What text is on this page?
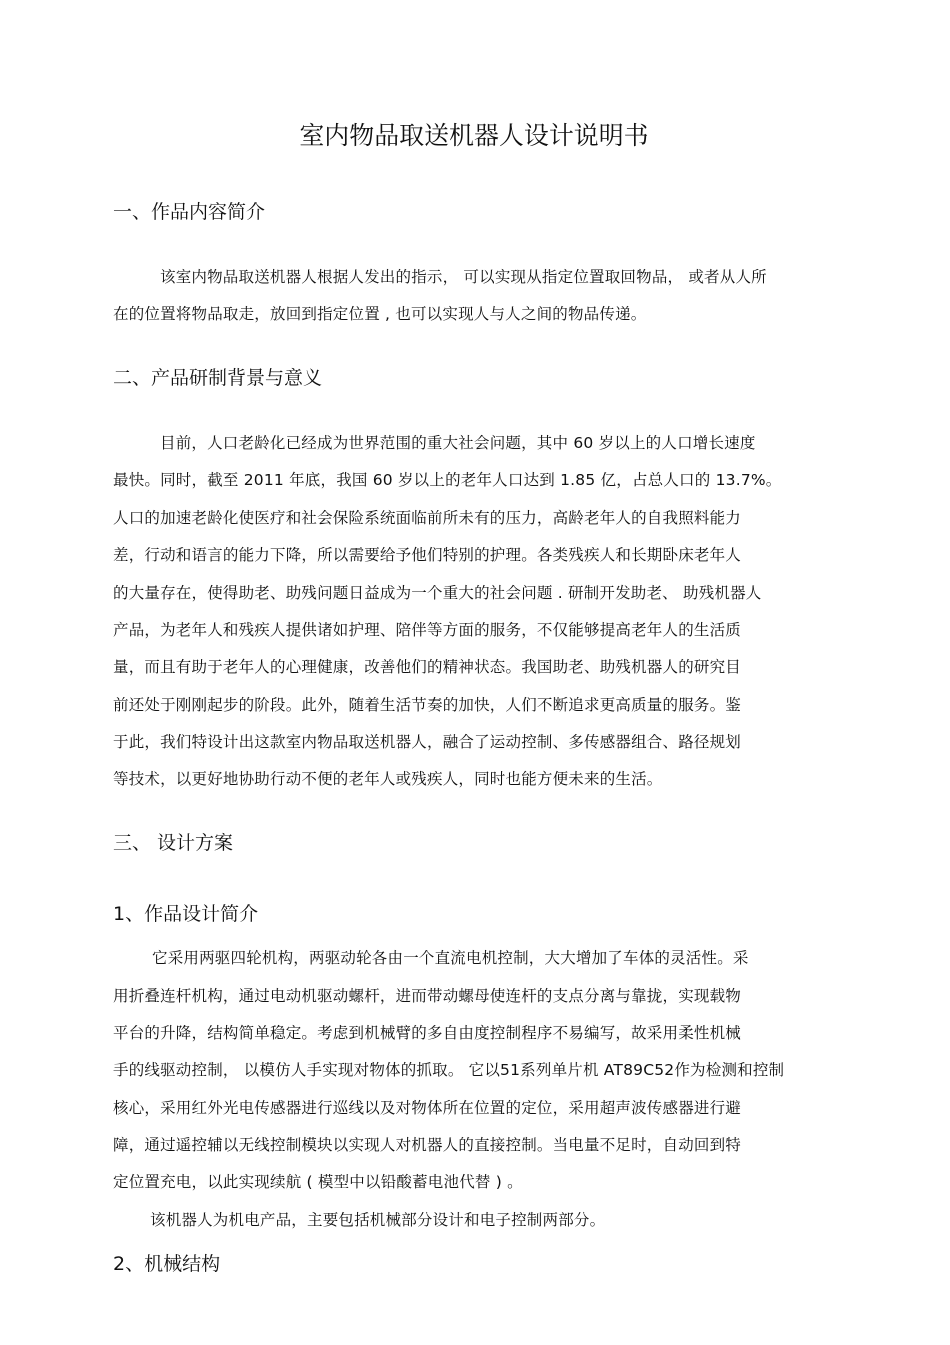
室内物品取送机器人设计说明书
一、作品内容简介
该室内物品取送机器人根据人发出的指示， 可以实现从指定位置取回物品， 或者从人所
在的位置将物品取走，放回到指定位置 , 也可以实现人与人之间的物品传递。
二、产品研制背景与意义
目前，人口老龄化已经成为世界范围的重大社会问题，其中 60 岁以上的人口增长速度
最快。同时，截至 2011 年底，我国 60 岁以上的老年人口达到 1.85 亿，占总人口的 13.7%。
人口的加速老龄化使医疗和社会保险系统面临前所未有的压力，高龄老年人的自我照料能力
差，行动和语言的能力下降，所以需要给予他们特别的护理。各类残疾人和长期卧床老年人
的大量存在，使得助老、助残问题日益成为一个重大的社会问题 . 研制开发助老、 助残机器人
产品，为老年人和残疾人提供诸如护理、陪伴等方面的服务，不仅能够提高老年人的生活质
量，而且有助于老年人的心理健康，改善他们的精神状态。我国助老、助残机器人的研究目
前还处于刚刚起步的阶段。此外，随着生活节奏的加快，人们不断追求更高质量的服务。鉴
于此，我们特设计出这款室内物品取送机器人，融合了运动控制、多传感器组合、路径规划
等技术，以更好地协助行动不便的老年人或残疾人，同时也能方便未来的生活。
三、 设计方案
1、作品设计简介
它采用两驱四轮机构，两驱动轮各由一个直流电机控制，大大增加了车体的灵活性。采
用折叠连杆机构，通过电动机驱动螺杆，进而带动螺母使连杆的支点分离与靠拢，实现载物
平台的升降，结构简单稳定。考虑到机械臂的多自由度控制程序不易编写，故采用柔性机械
手的线驱动控制， 以模仿人手实现对物体的抓取。 它以51系列单片机 AT89C52作为检测和控制
核心，采用红外光电传感器进行巡线以及对物体所在位置的定位，采用超声波传感器进行避
障，通过遥控辅以无线控制模块以实现人对机器人的直接控制。当电量不足时，自动回到特
定位置充电，以此实现续航 ( 模型中以铅酸蓄电池代替 ) 。
该机器人为机电产品，主要包括机械部分设计和电子控制两部分。
2、机械结构
